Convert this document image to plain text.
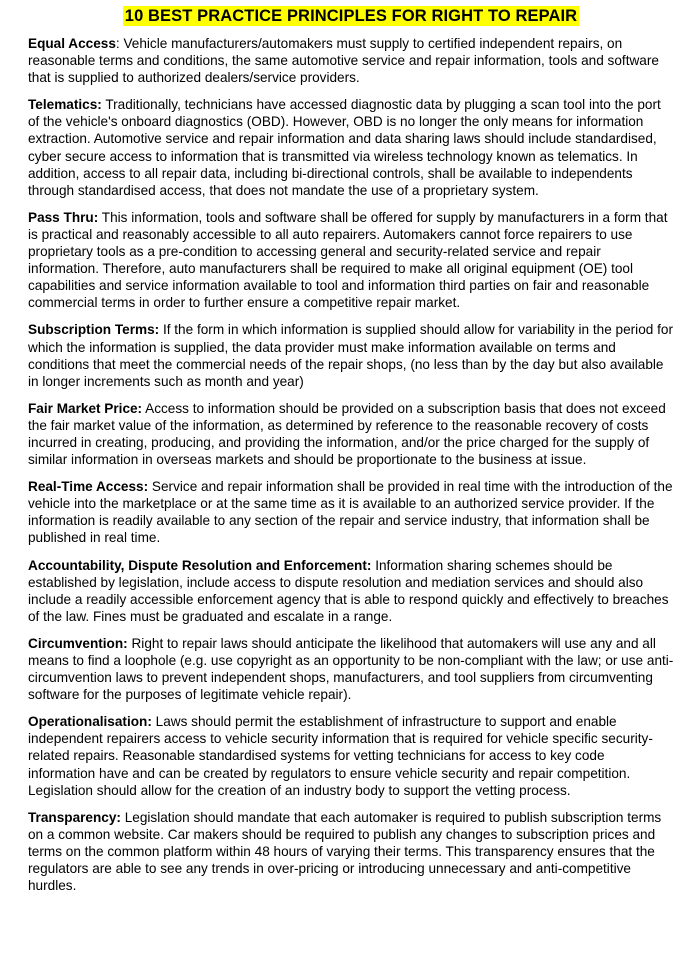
10 BEST PRACTICE PRINCIPLES FOR RIGHT TO REPAIR

Equal Access: Vehicle manufacturers/automakers must supply to certified independent repairs, on reasonable terms and conditions, the same automotive service and repair information, tools and software that is supplied to authorized dealers/service providers.

Telematics: Traditionally, technicians have accessed diagnostic data by plugging a scan tool into the port of the vehicle's onboard diagnostics (OBD). However, OBD is no longer the only means for information extraction. Automotive service and repair information and data sharing laws should include standardised, cyber secure access to information that is transmitted via wireless technology known as telematics. In addition, access to all repair data, including bi-directional controls, shall be available to independents through standardised access, that does not mandate the use of a proprietary system.

Pass Thru: This information, tools and software shall be offered for supply by manufacturers in a form that is practical and reasonably accessible to all auto repairers. Automakers cannot force repairers to use proprietary tools as a pre-condition to accessing general and security-related service and repair information. Therefore, auto manufacturers shall be required to make all original equipment (OE) tool capabilities and service information available to tool and information third parties on fair and reasonable commercial terms in order to further ensure a competitive repair market.

Subscription Terms: If the form in which information is supplied should allow for variability in the period for which the information is supplied, the data provider must make information available on terms and conditions that meet the commercial needs of the repair shops, (no less than by the day but also available in longer increments such as month and year)

Fair Market Price: Access to information should be provided on a subscription basis that does not exceed the fair market value of the information, as determined by reference to the reasonable recovery of costs incurred in creating, producing, and providing the information, and/or the price charged for the supply of similar information in overseas markets and should be proportionate to the business at issue.

Real-Time Access: Service and repair information shall be provided in real time with the introduction of the vehicle into the marketplace or at the same time as it is available to an authorized service provider. If the information is readily available to any section of the repair and service industry, that information shall be published in real time.

Accountability, Dispute Resolution and Enforcement: Information sharing schemes should be established by legislation, include access to dispute resolution and mediation services and should also include a readily accessible enforcement agency that is able to respond quickly and effectively to breaches of the law. Fines must be graduated and escalate in a range.

Circumvention: Right to repair laws should anticipate the likelihood that automakers will use any and all means to find a loophole (e.g. use copyright as an opportunity to be non-compliant with the law; or use anti-circumvention laws to prevent independent shops, manufacturers, and tool suppliers from circumventing software for the purposes of legitimate vehicle repair).

Operationalisation: Laws should permit the establishment of infrastructure to support and enable independent repairers access to vehicle security information that is required for vehicle specific security-related repairs. Reasonable standardised systems for vetting technicians for access to key code information have and can be created by regulators to ensure vehicle security and repair competition. Legislation should allow for the creation of an industry body to support the vetting process.

Transparency: Legislation should mandate that each automaker is required to publish subscription terms on a common website. Car makers should be required to publish any changes to subscription prices and terms on the common platform within 48 hours of varying their terms. This transparency ensures that the regulators are able to see any trends in over-pricing or introducing unnecessary and anti-competitive hurdles.
